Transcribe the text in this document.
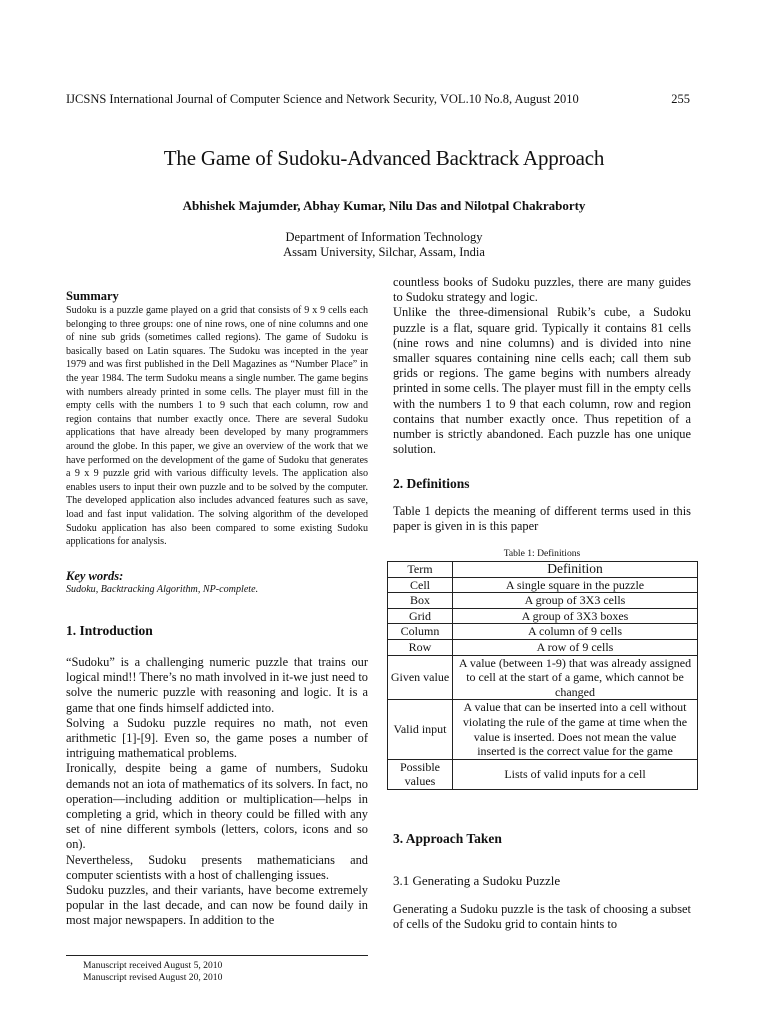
IJCSNS International Journal of Computer Science and Network Security, VOL.10 No.8, August 2010	255
The Game of Sudoku-Advanced Backtrack Approach
Abhishek Majumder, Abhay Kumar, Nilu Das and Nilotpal Chakraborty
Department of Information Technology
Assam University, Silchar, Assam, India
Summary
Sudoku is a puzzle game played on a grid that consists of 9 x 9 cells each belonging to three groups: one of nine rows, one of nine columns and one of nine sub grids (sometimes called regions). The game of Sudoku is basically based on Latin squares. The Sudoku was incepted in the year 1979 and was first published in the Dell Magazines as “Number Place” in the year 1984. The term Sudoku means a single number. The game begins with numbers already printed in some cells. The player must fill in the empty cells with the numbers 1 to 9 such that each column, row and region contains that number exactly once. There are several Sudoku applications that have already been developed by many programmers around the globe. In this paper, we give an overview of the work that we have performed on the development of the game of Sudoku that generates a 9 x 9 puzzle grid with various difficulty levels. The application also enables users to input their own puzzle and to be solved by the computer. The developed application also includes advanced features such as save, load and fast input validation. The solving algorithm of the developed Sudoku application has also been compared to some existing Sudoku applications for analysis.
Key words:
Sudoku, Backtracking Algorithm, NP-complete.
1. Introduction

“Sudoku” is a challenging numeric puzzle that trains our logical mind!! There’s no math involved in it-we just need to solve the numeric puzzle with reasoning and logic. It is a game that one finds himself addicted into.

Solving a Sudoku puzzle requires no math, not even arithmetic [1]-[9]. Even so, the game poses a number of intriguing mathematical problems.

Ironically, despite being a game of numbers, Sudoku demands not an iota of mathematics of its solvers. In fact, no operation—including addition or multiplication—helps in completing a grid, which in theory could be filled with any set of nine different symbols (letters, colors, icons and so on).

Nevertheless, Sudoku presents mathematicians and computer scientists with a host of challenging issues.

Sudoku puzzles, and their variants, have become extremely popular in the last decade, and can now be found daily in most major newspapers. In addition to the

Manuscript received August 5, 2010
Manuscript revised August 20, 2010

countless books of Sudoku puzzles, there are many guides to Sudoku strategy and logic.

Unlike the three-dimensional Rubik’s cube, a Sudoku puzzle is a flat, square grid. Typically it contains 81 cells (nine rows and nine columns) and is divided into nine smaller squares containing nine cells each; call them sub grids or regions. The game begins with numbers already printed in some cells. The player must fill in the empty cells with the numbers 1 to 9 that each column, row and region contains that number exactly once. Thus repetition of a number is strictly abandoned. Each puzzle has one unique solution.

2. Definitions
Table 1 depicts the meaning of different terms used in this paper is given in is this paper
Table 1: Definitions
Term	Definition
Cell	A single square in the puzzle
Box	A group of 3X3 cells
Grid	A group of 3X3 boxes
Column	A column of 9 cells
Row	A row of 9 cells
Given value	A value (between 1-9) that was already assigned to cell at the start of a game, which cannot be changed
Valid input	A value that can be inserted into a cell without violating the rule of the game at time when the value is inserted. Does not mean the value inserted is the correct value for the game
Possible values	Lists of valid inputs for a cell
3. Approach Taken
3.1 Generating a Sudoku Puzzle
Generating a Sudoku puzzle is the task of choosing a subset of cells of the Sudoku grid to contain hints to
